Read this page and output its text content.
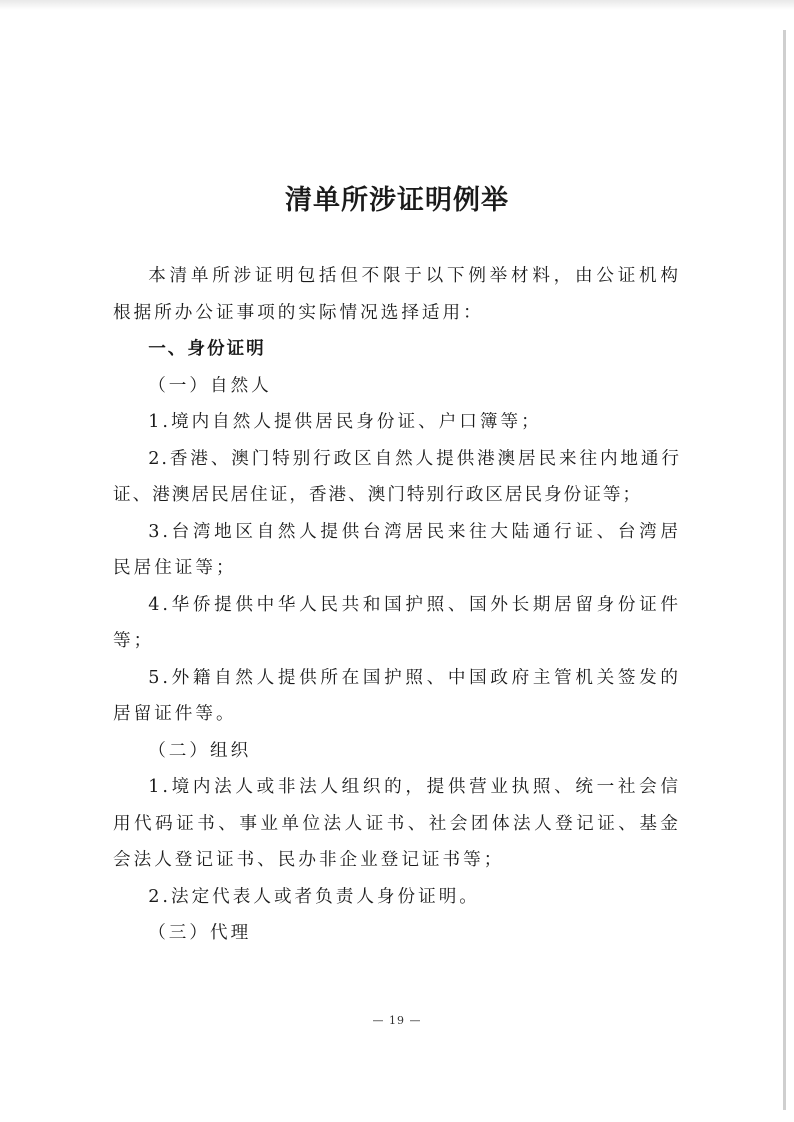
清单所涉证明例举

本清单所涉证明包括但不限于以下例举材料，由公证机构根据所办公证事项的实际情况选择适用：

一、身份证明

（一）自然人

1.境内自然人提供居民身份证、户口簿等；

2.香港、澳门特别行政区自然人提供港澳居民来往内地通行证、港澳居民居住证，香港、澳门特别行政区居民身份证等；

3.台湾地区自然人提供台湾居民来往大陆通行证、台湾居民居住证等；

4.华侨提供中华人民共和国护照、国外长期居留身份证件等；

5.外籍自然人提供所在国护照、中国政府主管机关签发的居留证件等。

（二）组织

1.境内法人或非法人组织的，提供营业执照、统一社会信用代码证书、事业单位法人证书、社会团体法人登记证、基金会法人登记证书、民办非企业登记证书等；

2.法定代表人或者负责人身份证明。

（三）代理

— 19 —
